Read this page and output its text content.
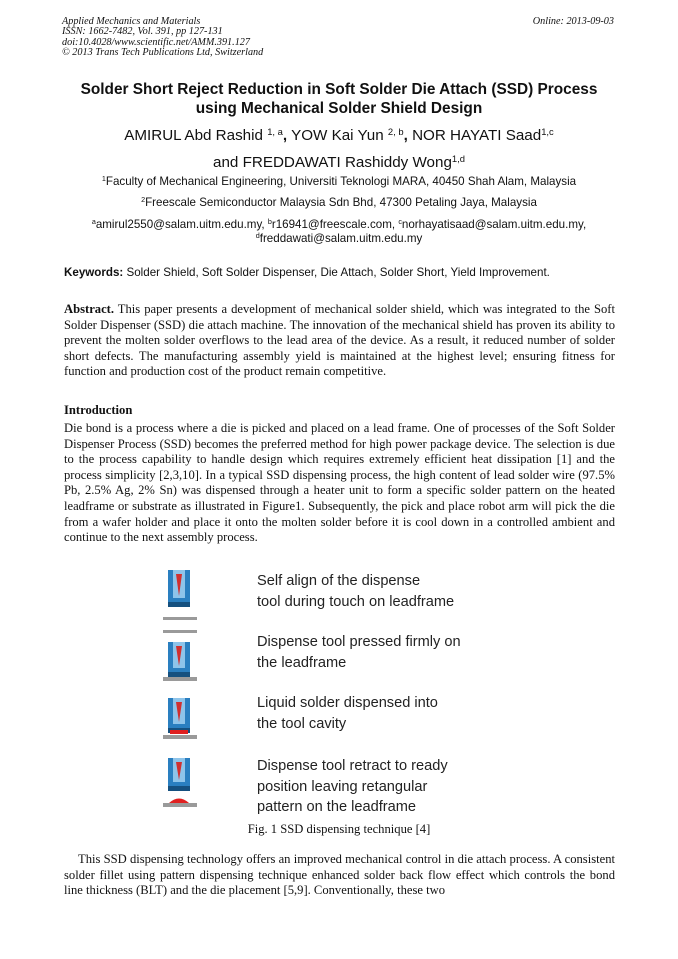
Applied Mechanics and Materials
ISSN: 1662-7482, Vol. 391, pp 127-131
doi:10.4028/www.scientific.net/AMM.391.127
© 2013 Trans Tech Publications Ltd, Switzerland
Online: 2013-09-03
Solder Short Reject Reduction in Soft Solder Die Attach (SSD) Process
using Mechanical Solder Shield Design
AMIRUL Abd Rashid $^{1, a}$, YOW Kai Yun $^{2, b}$, NOR HAYATI Saad$^{1,c}$
and FREDDAWATI Rashiddy Wong$^{1,d}$
$^1$Faculty of Mechanical Engineering, Universiti Teknologi MARA, 40450 Shah Alam, Malaysia
$^2$Freescale Semiconductor Malaysia Sdn Bhd, 47300 Petaling Jaya, Malaysia
$^a$amirul2550@salam.uitm.edu.my, $^b$r16941@freescale.com, $^c$norhayatisaad@salam.uitm.edu.my,
$^d$freddawati@salam.uitm.edu.my
Keywords: Solder Shield, Soft Solder Dispenser, Die Attach, Solder Short, Yield Improvement.
Abstract. This paper presents a development of mechanical solder shield, which was integrated to the Soft Solder Dispenser (SSD) die attach machine. The innovation of the mechanical shield has proven its ability to prevent the molten solder overflows to the lead area of the device. As a result, it reduced number of solder short defects. The manufacturing assembly yield is maintained at the highest level; ensuring fitness for function and production cost of the product remain competitive.
Introduction
Die bond is a process where a die is picked and placed on a lead frame. One of processes of the Soft Solder Dispenser Process (SSD) becomes the preferred method for high power package device. The selection is due to the process capability to handle design which requires extremely efficient heat dissipation [1] and the process simplicity [2,3,10]. In a typical SSD dispensing process, the high content of lead solder wire (97.5% Pb, 2.5% Ag, 2% Sn) was dispensed through a heater unit to form a specific solder pattern on the heated leadframe or substrate as illustrated in Figure1. Subsequently, the pick and place robot arm will pick the die from a wafer holder and place it onto the molten solder before it is cool down in a controlled ambient and continue to the next assembly process.
Self align of the dispense
tool during touch on leadframe
Dispense tool pressed firmly on
the leadframe
Liquid solder dispensed into
the tool cavity
Dispense tool retract to ready
position leaving retangular
pattern on the leadframe
Fig. 1 SSD dispensing technique [4]
This SSD dispensing technology offers an improved mechanical control in die attach process. A consistent solder fillet using pattern dispensing technique enhanced solder back flow effect which controls the bond line thickness (BLT) and the die placement [5,9]. Conventionally, these two
